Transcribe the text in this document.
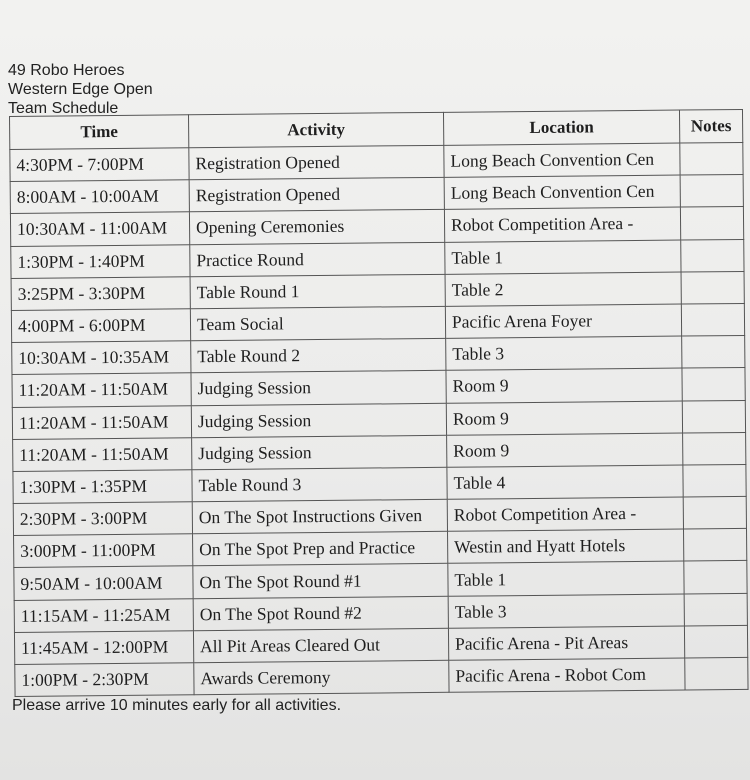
49 Robo Heroes
Western Edge Open
Team Schedule
Time	Activity	Location	Notes
4:30PM - 7:00PM	Registration Opened	Long Beach Convention Cen	
8:00AM - 10:00AM	Registration Opened	Long Beach Convention Cen	
10:30AM - 11:00AM	Opening Ceremonies	Robot Competition Area -	
1:30PM - 1:40PM	Practice Round	Table 1	
3:25PM - 3:30PM	Table Round 1	Table 2	
4:00PM - 6:00PM	Team Social	Pacific Arena Foyer	
10:30AM - 10:35AM	Table Round 2	Table 3	
11:20AM - 11:50AM	Judging Session	Room 9	
11:20AM - 11:50AM	Judging Session	Room 9	
11:20AM - 11:50AM	Judging Session	Room 9	
1:30PM - 1:35PM	Table Round 3	Table 4	
2:30PM - 3:00PM	On The Spot Instructions Given	Robot Competition Area -	
3:00PM - 11:00PM	On The Spot Prep and Practice	Westin and Hyatt Hotels	
9:50AM - 10:00AM	On The Spot Round #1	Table 1	
11:15AM - 11:25AM	On The Spot Round #2	Table 3	
11:45AM - 12:00PM	All Pit Areas Cleared Out	Pacific Arena - Pit Areas	
1:00PM - 2:30PM	Awards Ceremony	Pacific Arena - Robot Com	
Please arrive 10 minutes early for all activities.
